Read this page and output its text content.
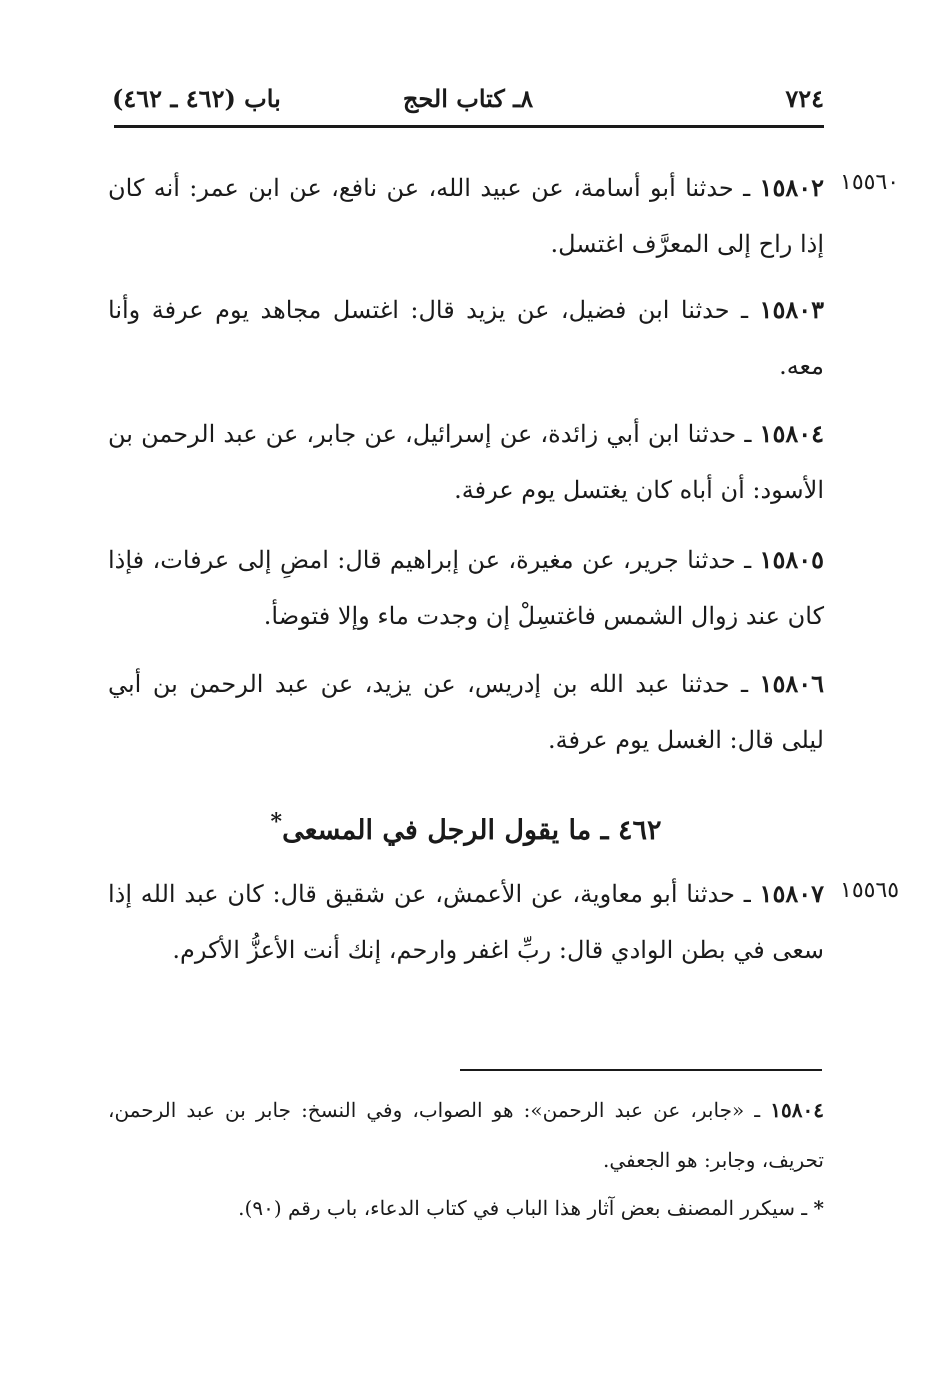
٧٢٤
٨ـ كتاب الحج
باب (٤٦٢ ـ ٤٦٢)
١٥٥٦٠
١٥٥٦٥
١٥٨٠٢ ـ حدثنا أبو أسامة، عن عبيد الله، عن نافع، عن ابن عمر: أنه كان إذا راح إلى المعرَّف اغتسل.
١٥٨٠٣ ـ حدثنا ابن فضيل، عن يزيد قال: اغتسل مجاهد يوم عرفة وأنا معه.
١٥٨٠٤ ـ حدثنا ابن أبي زائدة، عن إسرائيل، عن جابر، عن عبد الرحمن بن الأسود: أن أباه كان يغتسل يوم عرفة.
١٥٨٠٥ ـ حدثنا جرير، عن مغيرة، عن إبراهيم قال: امضِ إلى عرفات، فإذا كان عند زوال الشمس فاغتسِلْ إن وجدت ماء وإلا فتوضأ.
١٥٨٠٦ ـ حدثنا عبد الله بن إدريس، عن يزيد، عن عبد الرحمن بن أبي ليلى قال: الغسل يوم عرفة.
٤٦٢ ـ ما يقول الرجل في المسعى*
١٥٨٠٧ ـ حدثنا أبو معاوية، عن الأعمش، عن شقيق قال: كان عبد الله إذا سعى في بطن الوادي قال: ربِّ اغفر وارحم، إنك أنت الأعزُّ الأكرم.
١٥٨٠٤ ـ «جابر، عن عبد الرحمن»: هو الصواب، وفي النسخ: جابر بن عبد الرحمن، تحريف، وجابر: هو الجعفي.
* ـ سيكرر المصنف بعض آثار هذا الباب في كتاب الدعاء، باب رقم (٩٠).
